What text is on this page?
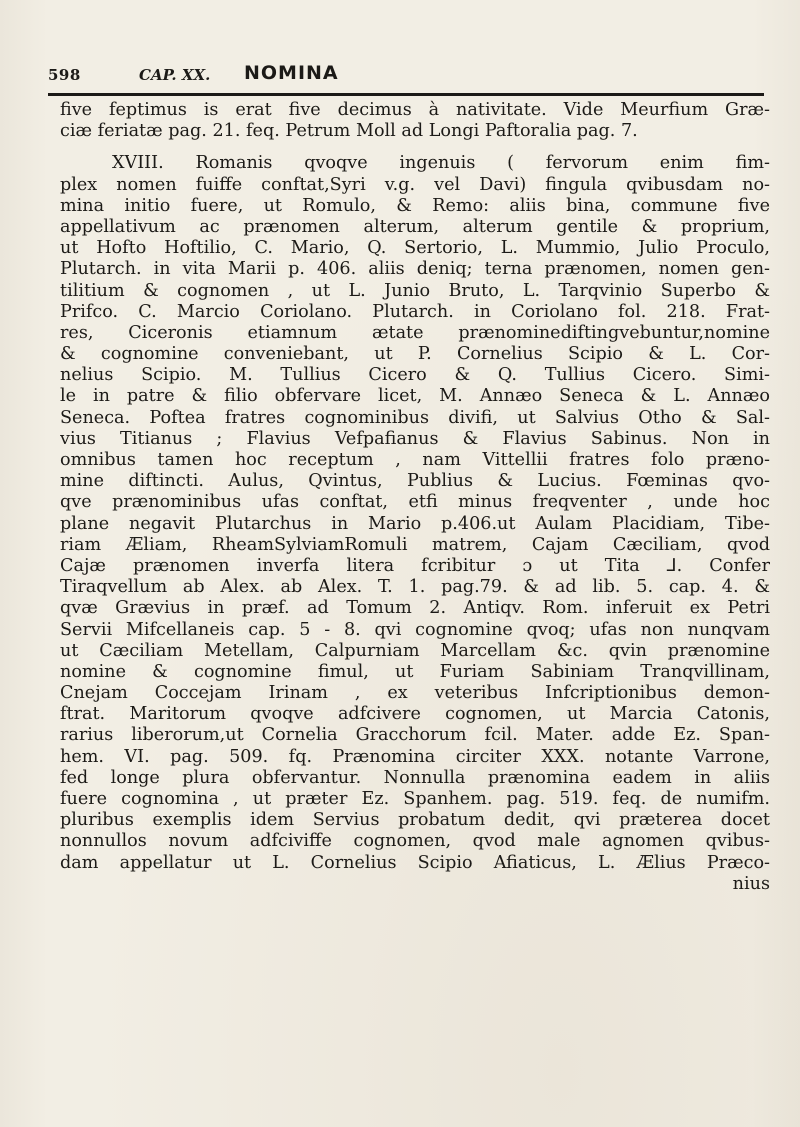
598	CAP. XX. NOMINA
five feptimus is erat five decimus à nativitate. Vide Meurfium Græ-
ciæ feriatæ pag. 21. feq. Petrum Moll ad Longi Paftoralia pag. 7.
XVIII. Romanis qvoqve ingenuis ( fervorum enim fim-
plex nomen fuiffe conftat,Syri v.g. vel Davi) fingula qvibusdam no-
mina initio fuere, ut Romulo, & Remo: aliis bina, commune five
appellativum ac prænomen alterum, alterum gentile & proprium,
ut Hofto Hoftilio, C. Mario, Q. Sertorio, L. Mummio, Julio Proculo,
Plutarch. in vita Marii p. 406. aliis deniq; terna prænomen, nomen gen-
tilitium & cognomen , ut L. Junio Bruto, L. Tarqvinio Superbo &
Prifco. C. Marcio Coriolano. Plutarch. in Coriolano fol. 218. Frat-
res, Ciceronis etiamnum ætate prænominediftingvebuntur,nomine
& cognomine conveniebant, ut P. Cornelius Scipio & L. Cor-
nelius Scipio. M. Tullius Cicero & Q. Tullius Cicero. Simi-
le in patre & filio obfervare licet, M. Annæo Seneca & L. Annæo
Seneca. Poftea fratres cognominibus divifi, ut Salvius Otho & Sal-
vius Titianus ; Flavius Vefpafianus & Flavius Sabinus. Non in
omnibus tamen hoc receptum , nam Vittellii fratres folo præno-
mine diftincti. Aulus, Qvintus, Publius & Lucius. Fœminas qvo-
qve prænominibus ufas conftat, etfi minus freqventer , unde hoc
plane negavit Plutarchus in Mario p.406.ut Aulam Placidiam, Tibe-
riam Æliam, RheamSylviamRomuli matrem, Cajam Cæciliam, qvod
Cajæ prænomen inverfa litera fcribitur ɔ ut Tita ⅃. Confer
Tiraqvellum ab Alex. ab Alex. T. 1. pag.79. & ad lib. 5. cap. 4. &
qvæ Grævius in præf. ad Tomum 2. Antiqv. Rom. inferuit ex Petri
Servii Mifcellaneis cap. 5 - 8. qvi cognomine qvoq; ufas non nunqvam
ut Cæciliam Metellam, Calpurniam Marcellam &c. qvin prænomine
nomine & cognomine fimul, ut Furiam Sabiniam Tranqvillinam,
Cnejam Coccejam Irinam , ex veteribus Infcriptionibus demon-
ftrat. Maritorum qvoqve adfcivere cognomen, ut Marcia Catonis,
rarius liberorum,ut Cornelia Gracchorum fcil. Mater. adde Ez. Span-
hem. VI. pag. 509. fq. Prænomina circiter XXX. notante Varrone,
fed longe plura obfervantur. Nonnulla prænomina eadem in aliis
fuere cognomina , ut præter Ez. Spanhem. pag. 519. feq. de numifm.
pluribus exemplis idem Servius probatum dedit, qvi præterea docet
nonnullos novum adfciviffe cognomen, qvod male agnomen qvibus-
dam appellatur ut L. Cornelius Scipio Afiaticus, L. Ælius Præco-
nius
